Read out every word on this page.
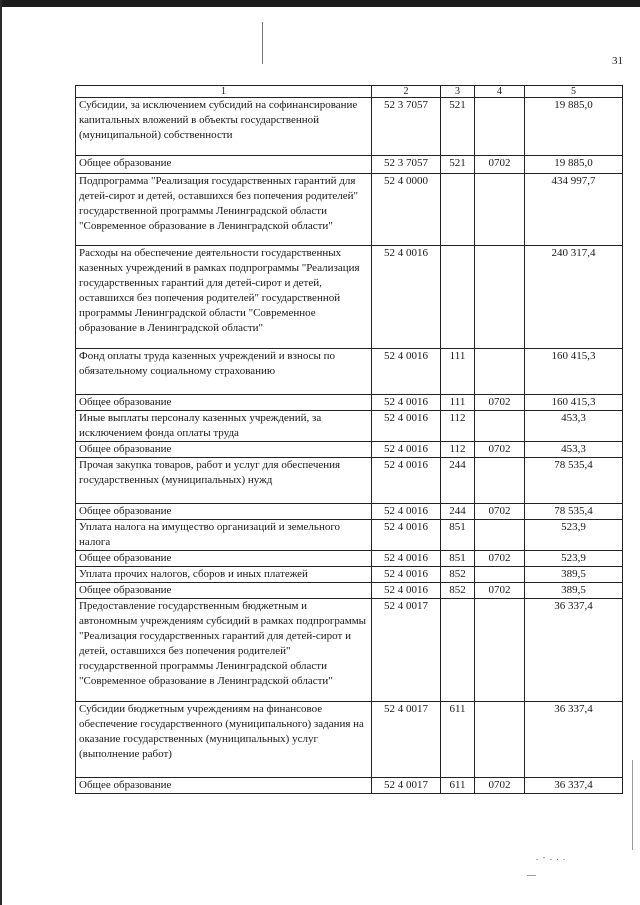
31
1	2	3	4	5
Субсидии, за исключением субсидий на софинансирование капитальных вложений в объекты государственной (муниципальной) собственности	52 3 7057	521		19 885,0
Общее образование	52 3 7057	521	0702	19 885,0
Подпрограмма "Реализация государственных гарантий для детей-сирот и детей, оставшихся без попечения родителей" государственной программы Ленинградской области "Современное образование в Ленинградской области"	52 4 0000			434 997,7
Расходы на обеспечение деятельности государственных казенных учреждений в рамках подпрограммы "Реализация государственных гарантий для детей-сирот и детей, оставшихся без попечения родителей" государственной программы Ленинградской области "Современное образование в Ленинградской области"	52 4 0016			240 317,4
Фонд оплаты труда казенных учреждений и взносы по обязательному социальному страхованию	52 4 0016	111		160 415,3
Общее образование	52 4 0016	111	0702	160 415,3
Иные выплаты персоналу казенных учреждений, за исключением фонда оплаты труда	52 4 0016	112		453,3
Общее образование	52 4 0016	112	0702	453,3
Прочая закупка товаров, работ и услуг для обеспечения государственных (муниципальных) нужд	52 4 0016	244		78 535,4
Общее образование	52 4 0016	244	0702	78 535,4
Уплата налога на имущество организаций и земельного налога	52 4 0016	851		523,9
Общее образование	52 4 0016	851	0702	523,9
Уплата прочих налогов, сборов и иных платежей	52 4 0016	852		389,5
Общее образование	52 4 0016	852	0702	389,5
Предоставление государственным бюджетным и автономным учреждениям субсидий в рамках подпрограммы "Реализация государственных гарантий для детей-сирот и детей, оставшихся без попечения родителей" государственной программы Ленинградской области "Современное образование в Ленинградской области"	52 4 0017			36 337,4
Субсидии бюджетным учреждениям на финансовое обеспечение государственного (муниципального) задания на оказание государственных (муниципальных) услуг (выполнение работ)	52 4 0017	611		36 337,4
Общее образование	52 4 0017	611	0702	36 337,4
. - . . .
—
